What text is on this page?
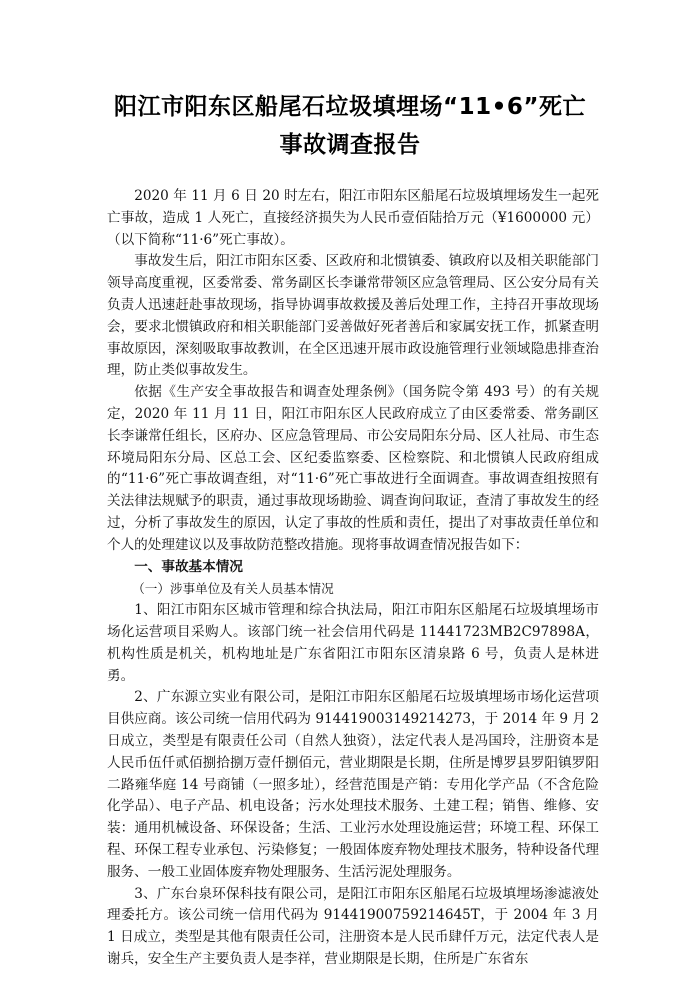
阳江市阳东区船尾石垃圾填埋场“11•6”死亡
事故调查报告

2020 年 11 月 6 日 20 时左右，阳江市阳东区船尾石垃圾填埋场发生一起死亡事故，造成 1 人死亡，直接经济损失为人民币壹佰陆拾万元（¥1600000 元）（以下简称“11·6”死亡事故）。

事故发生后，阳江市阳东区委、区政府和北惯镇委、镇政府以及相关职能部门领导高度重视，区委常委、常务副区长李谦常带领区应急管理局、区公安分局有关负责人迅速赶赴事故现场，指导协调事故救援及善后处理工作，主持召开事故现场会，要求北惯镇政府和相关职能部门妥善做好死者善后和家属安抚工作，抓紧查明事故原因，深刻吸取事故教训，在全区迅速开展市政设施管理行业领域隐患排查治理，防止类似事故发生。

依据《生产安全事故报告和调查处理条例》（国务院令第 493 号）的有关规定，2020 年 11 月 11 日，阳江市阳东区人民政府成立了由区委常委、常务副区长李谦常任组长，区府办、区应急管理局、市公安局阳东分局、区人社局、市生态环境局阳东分局、区总工会、区纪委监察委、区检察院、和北惯镇人民政府组成的“11·6”死亡事故调查组，对“11·6”死亡事故进行全面调查。事故调查组按照有关法律法规赋予的职责，通过事故现场勘验、调查询问取证，查清了事故发生的经过，分析了事故发生的原因，认定了事故的性质和责任，提出了对事故责任单位和个人的处理建议以及事故防范整改措施。现将事故调查情况报告如下：

一、事故基本情况

（一）涉事单位及有关人员基本情况

1、阳江市阳东区城市管理和综合执法局，阳江市阳东区船尾石垃圾填埋场市场化运营项目采购人。该部门统一社会信用代码是 11441723MB2C97898A，机构性质是机关，机构地址是广东省阳江市阳东区清泉路 6 号，负责人是林进勇。

2、广东源立实业有限公司，是阳江市阳东区船尾石垃圾填埋场市场化运营项目供应商。该公司统一信用代码为 914419003149214273，于 2014 年 9 月 2 日成立，类型是有限责任公司（自然人独资），法定代表人是冯国玲，注册资本是人民币伍仟贰佰捌拾捌万壹仟捌佰元，营业期限是长期，住所是博罗县罗阳镇罗阳二路雍华庭 14 号商铺（一照多址），经营范围是产销：专用化学产品（不含危险化学品）、电子产品、机电设备；污水处理技术服务、土建工程；销售、维修、安装：通用机械设备、环保设备；生活、工业污水处理设施运营；环境工程、环保工程、环保工程专业承包、污染修复；一般固体废弃物处理技术服务，特种设备代理服务、一般工业固体废弃物处理服务、生活污泥处理服务。

3、广东台泉环保科技有限公司，是阳江市阳东区船尾石垃圾填埋场渗滤液处理委托方。该公司统一信用代码为 91441900759214645T，于 2004 年 3 月 1 日成立，类型是其他有限责任公司，注册资本是人民币肆仟万元，法定代表人是谢兵，安全生产主要负责人是李祥，营业期限是长期，住所是广东省东
